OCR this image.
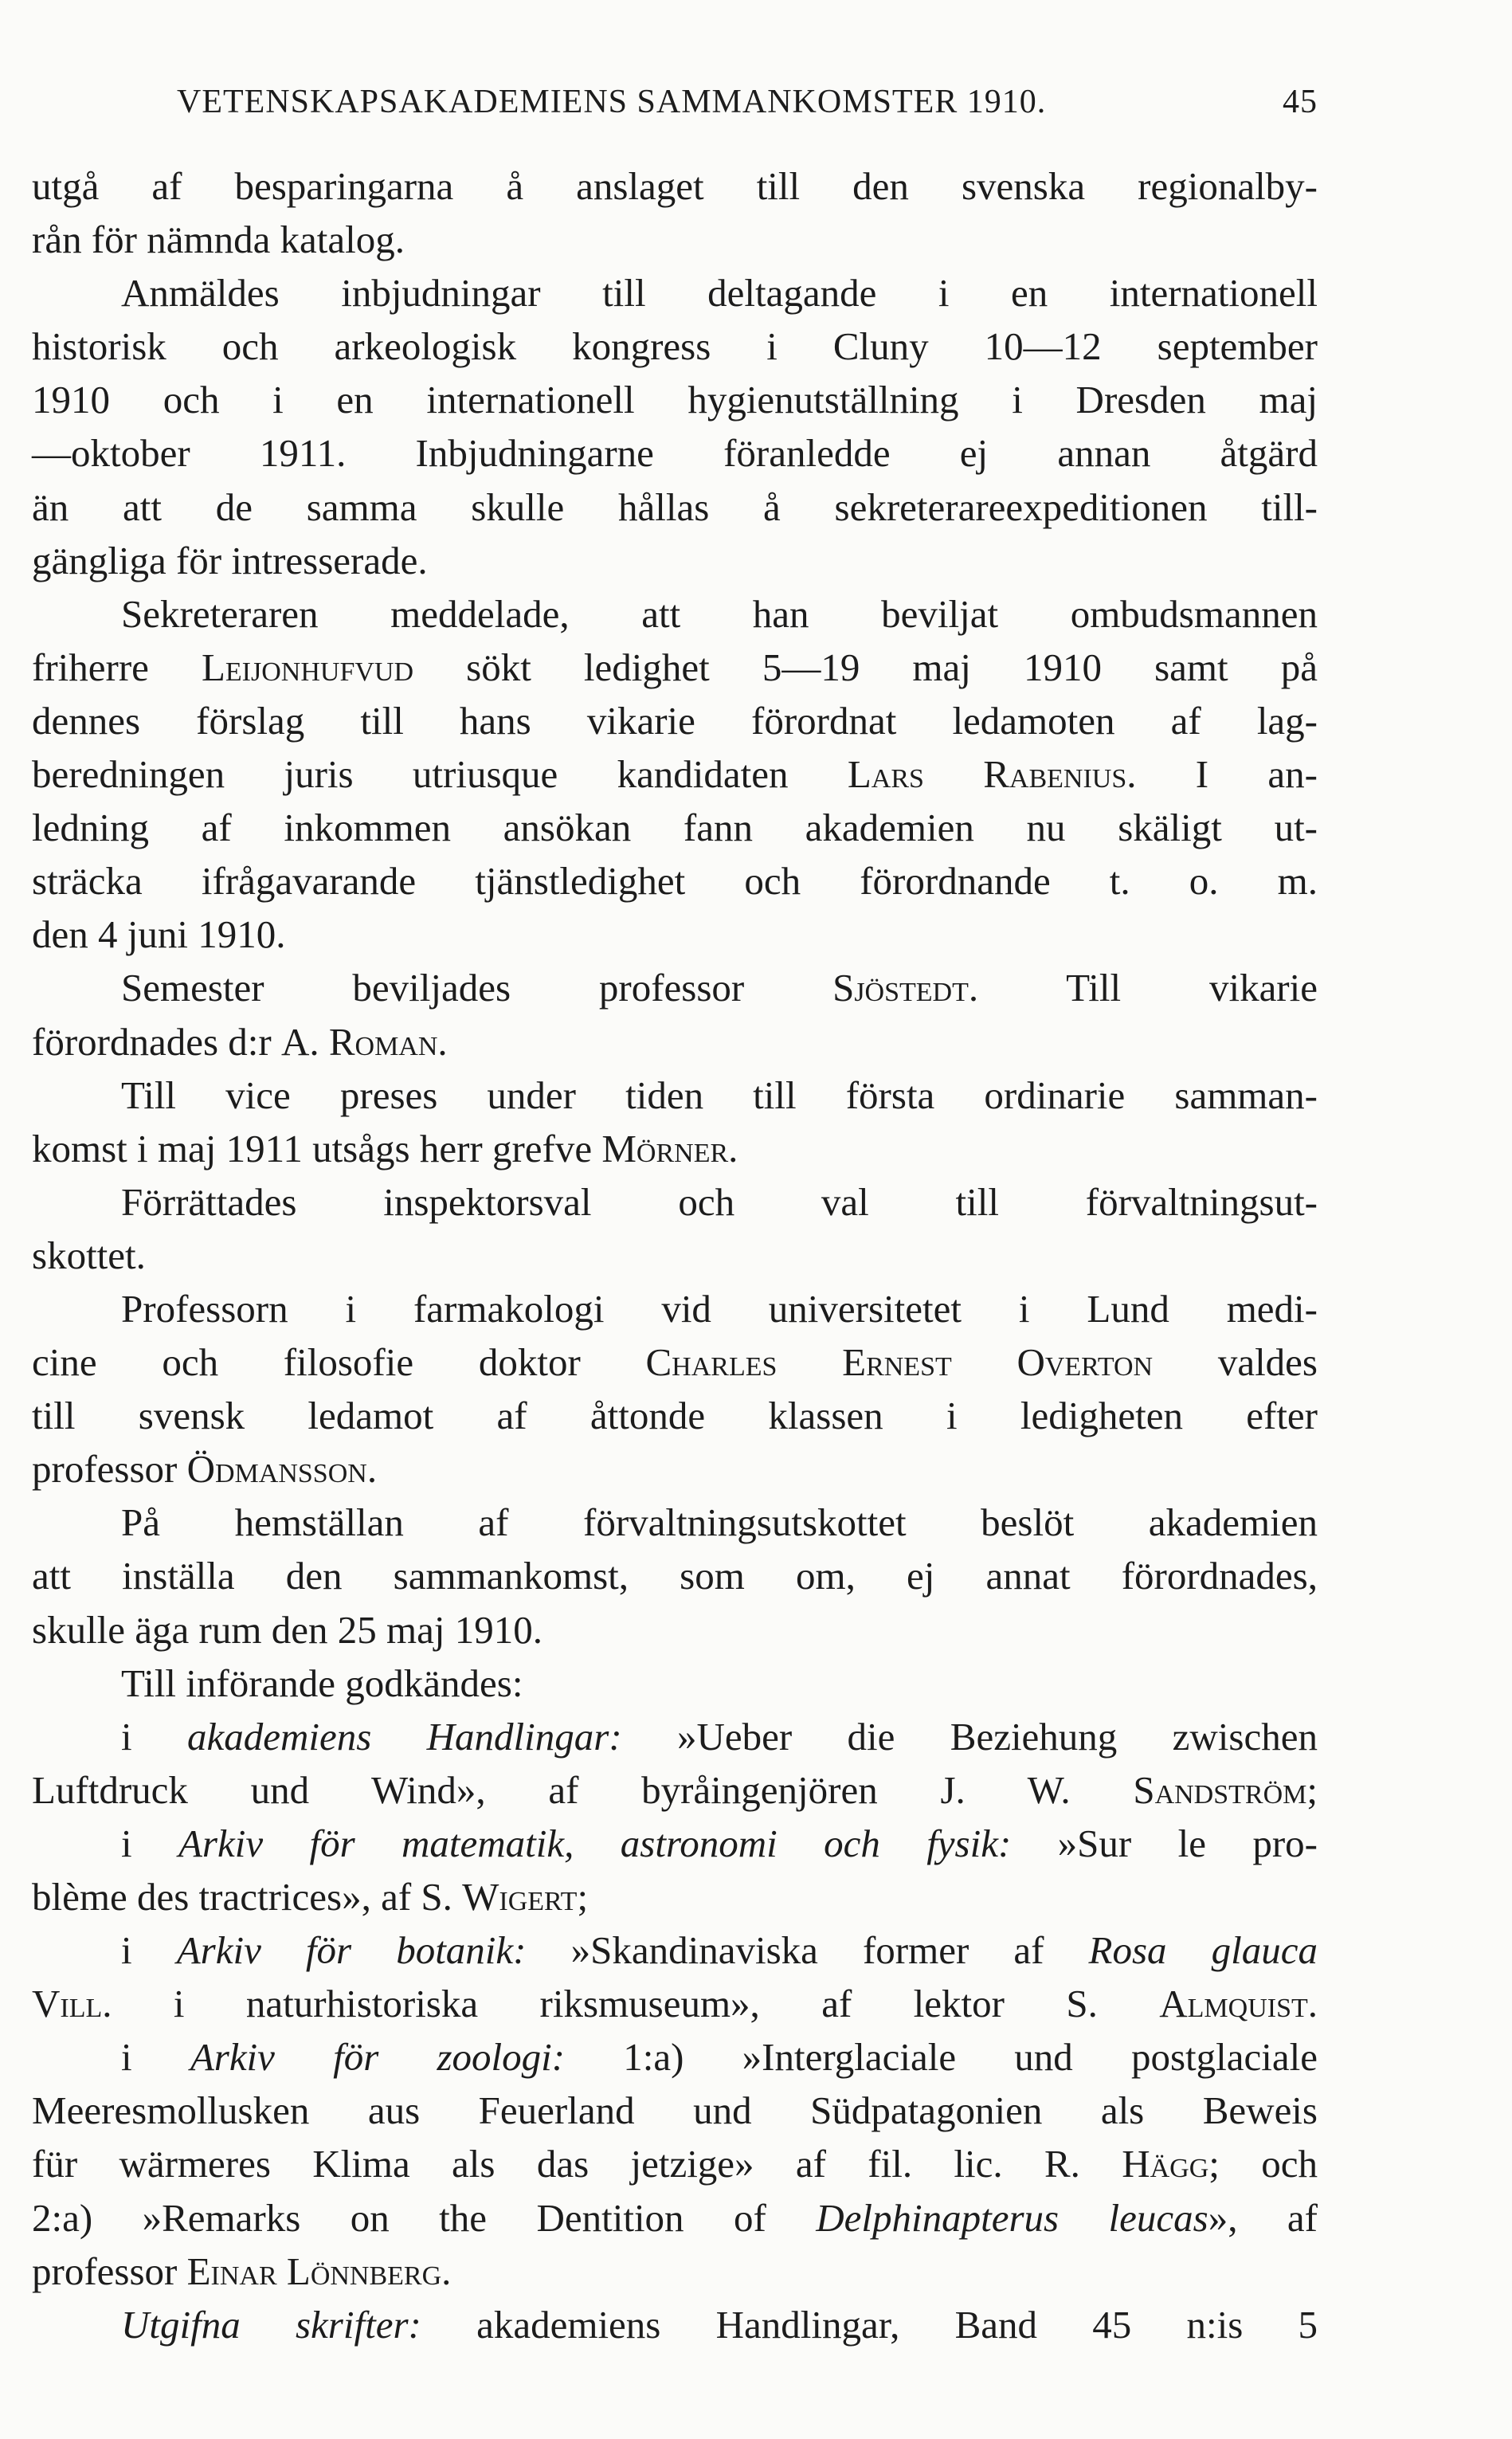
VETENSKAPSAKADEMIENS SAMMANKOMSTER 1910.	45
utgå af besparingarna å anslaget till den svenska regionalby-
rån för nämnda katalog.
Anmäldes inbjudningar till deltagande i en internationell
historisk och arkeologisk kongress i Cluny 10—12 september
1910 och i en internationell hygienutställning i Dresden maj
—oktober 1911. Inbjudningarne föranledde ej annan åtgärd
än att de samma skulle hållas å sekreterareexpeditionen till-
gängliga för intresserade.
Sekreteraren meddelade, att han beviljat ombudsmannen
friherre Leijonhufvud sökt ledighet 5—19 maj 1910 samt på
dennes förslag till hans vikarie förordnat ledamoten af lag-
beredningen juris utriusque kandidaten Lars Rabenius. I an-
ledning af inkommen ansökan fann akademien nu skäligt ut-
sträcka ifrågavarande tjänstledighet och förordnande t. o. m.
den 4 juni 1910.
Semester beviljades professor Sjöstedt. Till vikarie
förordnades d:r A. Roman.
Till vice preses under tiden till första ordinarie samman-
komst i maj 1911 utsågs herr grefve Mörner.
Förrättades inspektorsval och val till förvaltningsut-
skottet.
Professorn i farmakologi vid universitetet i Lund medi-
cine och filosofie doktor Charles Ernest Overton valdes
till svensk ledamot af åttonde klassen i ledigheten efter
professor Ödmansson.
På hemställan af förvaltningsutskottet beslöt akademien
att inställa den sammankomst, som om, ej annat förordnades,
skulle äga rum den 25 maj 1910.
Till införande godkändes:
i akademiens Handlingar: »Ueber die Beziehung zwischen
Luftdruck und Wind», af byråingenjören J. W. Sandström;
i Arkiv för matematik, astronomi och fysik: »Sur le pro-
blème des tractrices», af S. Wigert;
i Arkiv för botanik: »Skandinaviska former af Rosa glauca
Vill. i naturhistoriska riksmuseum», af lektor S. Almquist.
i Arkiv för zoologi: 1:a) »Interglaciale und postglaciale
Meeresmollusken aus Feuerland und Südpatagonien als Beweis
für wärmeres Klima als das jetzige» af fil. lic. R. Hägg; och
2:a) »Remarks on the Dentition of Delphinapterus leucas», af
professor Einar Lönnberg.
Utgifna skrifter: akademiens Handlingar, Band 45 n:is 5
